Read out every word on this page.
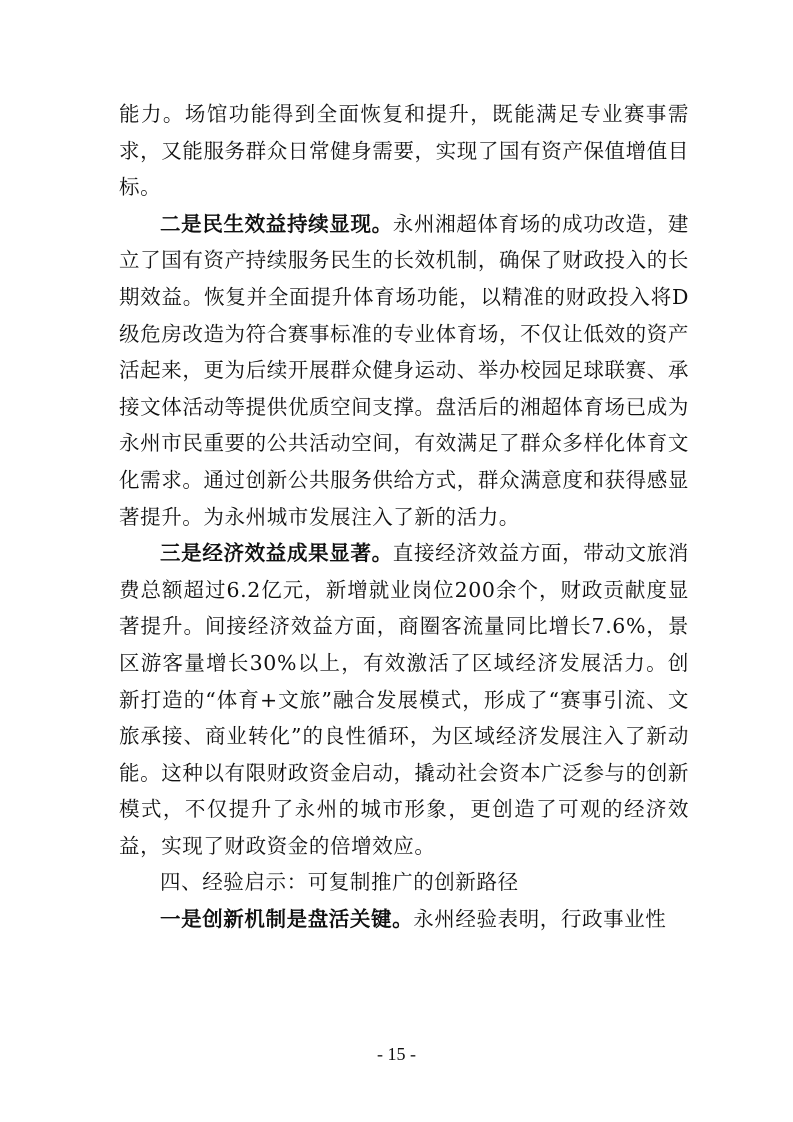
能力。场馆功能得到全面恢复和提升，既能满足专业赛事需求，又能服务群众日常健身需要，实现了国有资产保值增值目标。

二是民生效益持续显现。永州湘超体育场的成功改造，建立了国有资产持续服务民生的长效机制，确保了财政投入的长期效益。恢复并全面提升体育场功能，以精准的财政投入将D级危房改造为符合赛事标准的专业体育场，不仅让低效的资产活起来，更为后续开展群众健身运动、举办校园足球联赛、承接文体活动等提供优质空间支撑。盘活后的湘超体育场已成为永州市民重要的公共活动空间，有效满足了群众多样化体育文化需求。通过创新公共服务供给方式，群众满意度和获得感显著提升。为永州城市发展注入了新的活力。

三是经济效益成果显著。直接经济效益方面，带动文旅消费总额超过6.2亿元，新增就业岗位200余个，财政贡献度显著提升。间接经济效益方面，商圈客流量同比增长7.6%，景区游客量增长30%以上，有效激活了区域经济发展活力。创新打造的“体育+文旅”融合发展模式，形成了“赛事引流、文旅承接、商业转化”的良性循环，为区域经济发展注入了新动能。这种以有限财政资金启动，撬动社会资本广泛参与的创新模式，不仅提升了永州的城市形象，更创造了可观的经济效益，实现了财政资金的倍增效应。

四、经验启示：可复制推广的创新路径

一是创新机制是盘活关键。永州经验表明，行政事业性

- 15 -
